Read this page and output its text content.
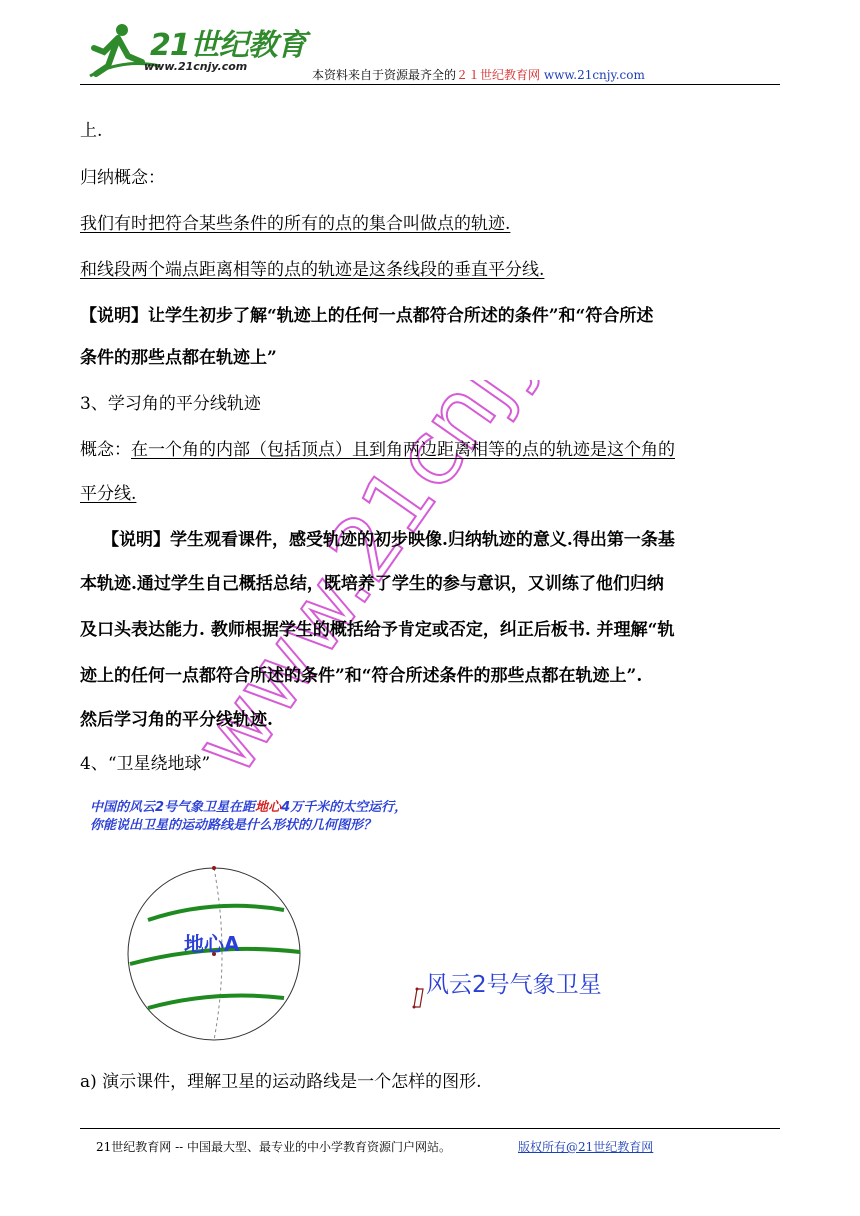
21世纪教育
www.21cnjy.com
本资料来自于资源最齐全的２１世纪教育网 www.21cnjy.com
www.21cnjy.com
上.
归纳概念：
我们有时把符合某些条件的所有的点的集合叫做点的轨迹.
和线段两个端点距离相等的点的轨迹是这条线段的垂直平分线.
【说明】让学生初步了解“轨迹上的任何一点都符合所述的条件”和“符合所述
条件的那些点都在轨迹上”
3、学习角的平分线轨迹
概念：在一个角的内部（包括顶点）且到角两边距离相等的点的轨迹是这个角的
平分线.
【说明】学生观看课件，感受轨迹的初步映像.归纳轨迹的意义.得出第一条基
本轨迹.通过学生自己概括总结，既培养了学生的参与意识，又训练了他们归纳
及口头表达能力. 教师根据学生的概括给予肯定或否定，纠正后板书. 并理解“轨
迹上的任何一点都符合所述的条件”和“符合所述条件的那些点都在轨迹上”.
然后学习角的平分线轨迹.
4、“卫星绕地球”
中国的风云2号气象卫星在距地心4万千米的太空运行，
你能说出卫星的运动路线是什么形状的几何图形？
地心A
风云2号气象卫星
a) 演示课件，理解卫星的运动路线是一个怎样的图形.
21世纪教育网 -- 中国最大型、最专业的中小学教育资源门户网站。	版权所有@21世纪教育网
